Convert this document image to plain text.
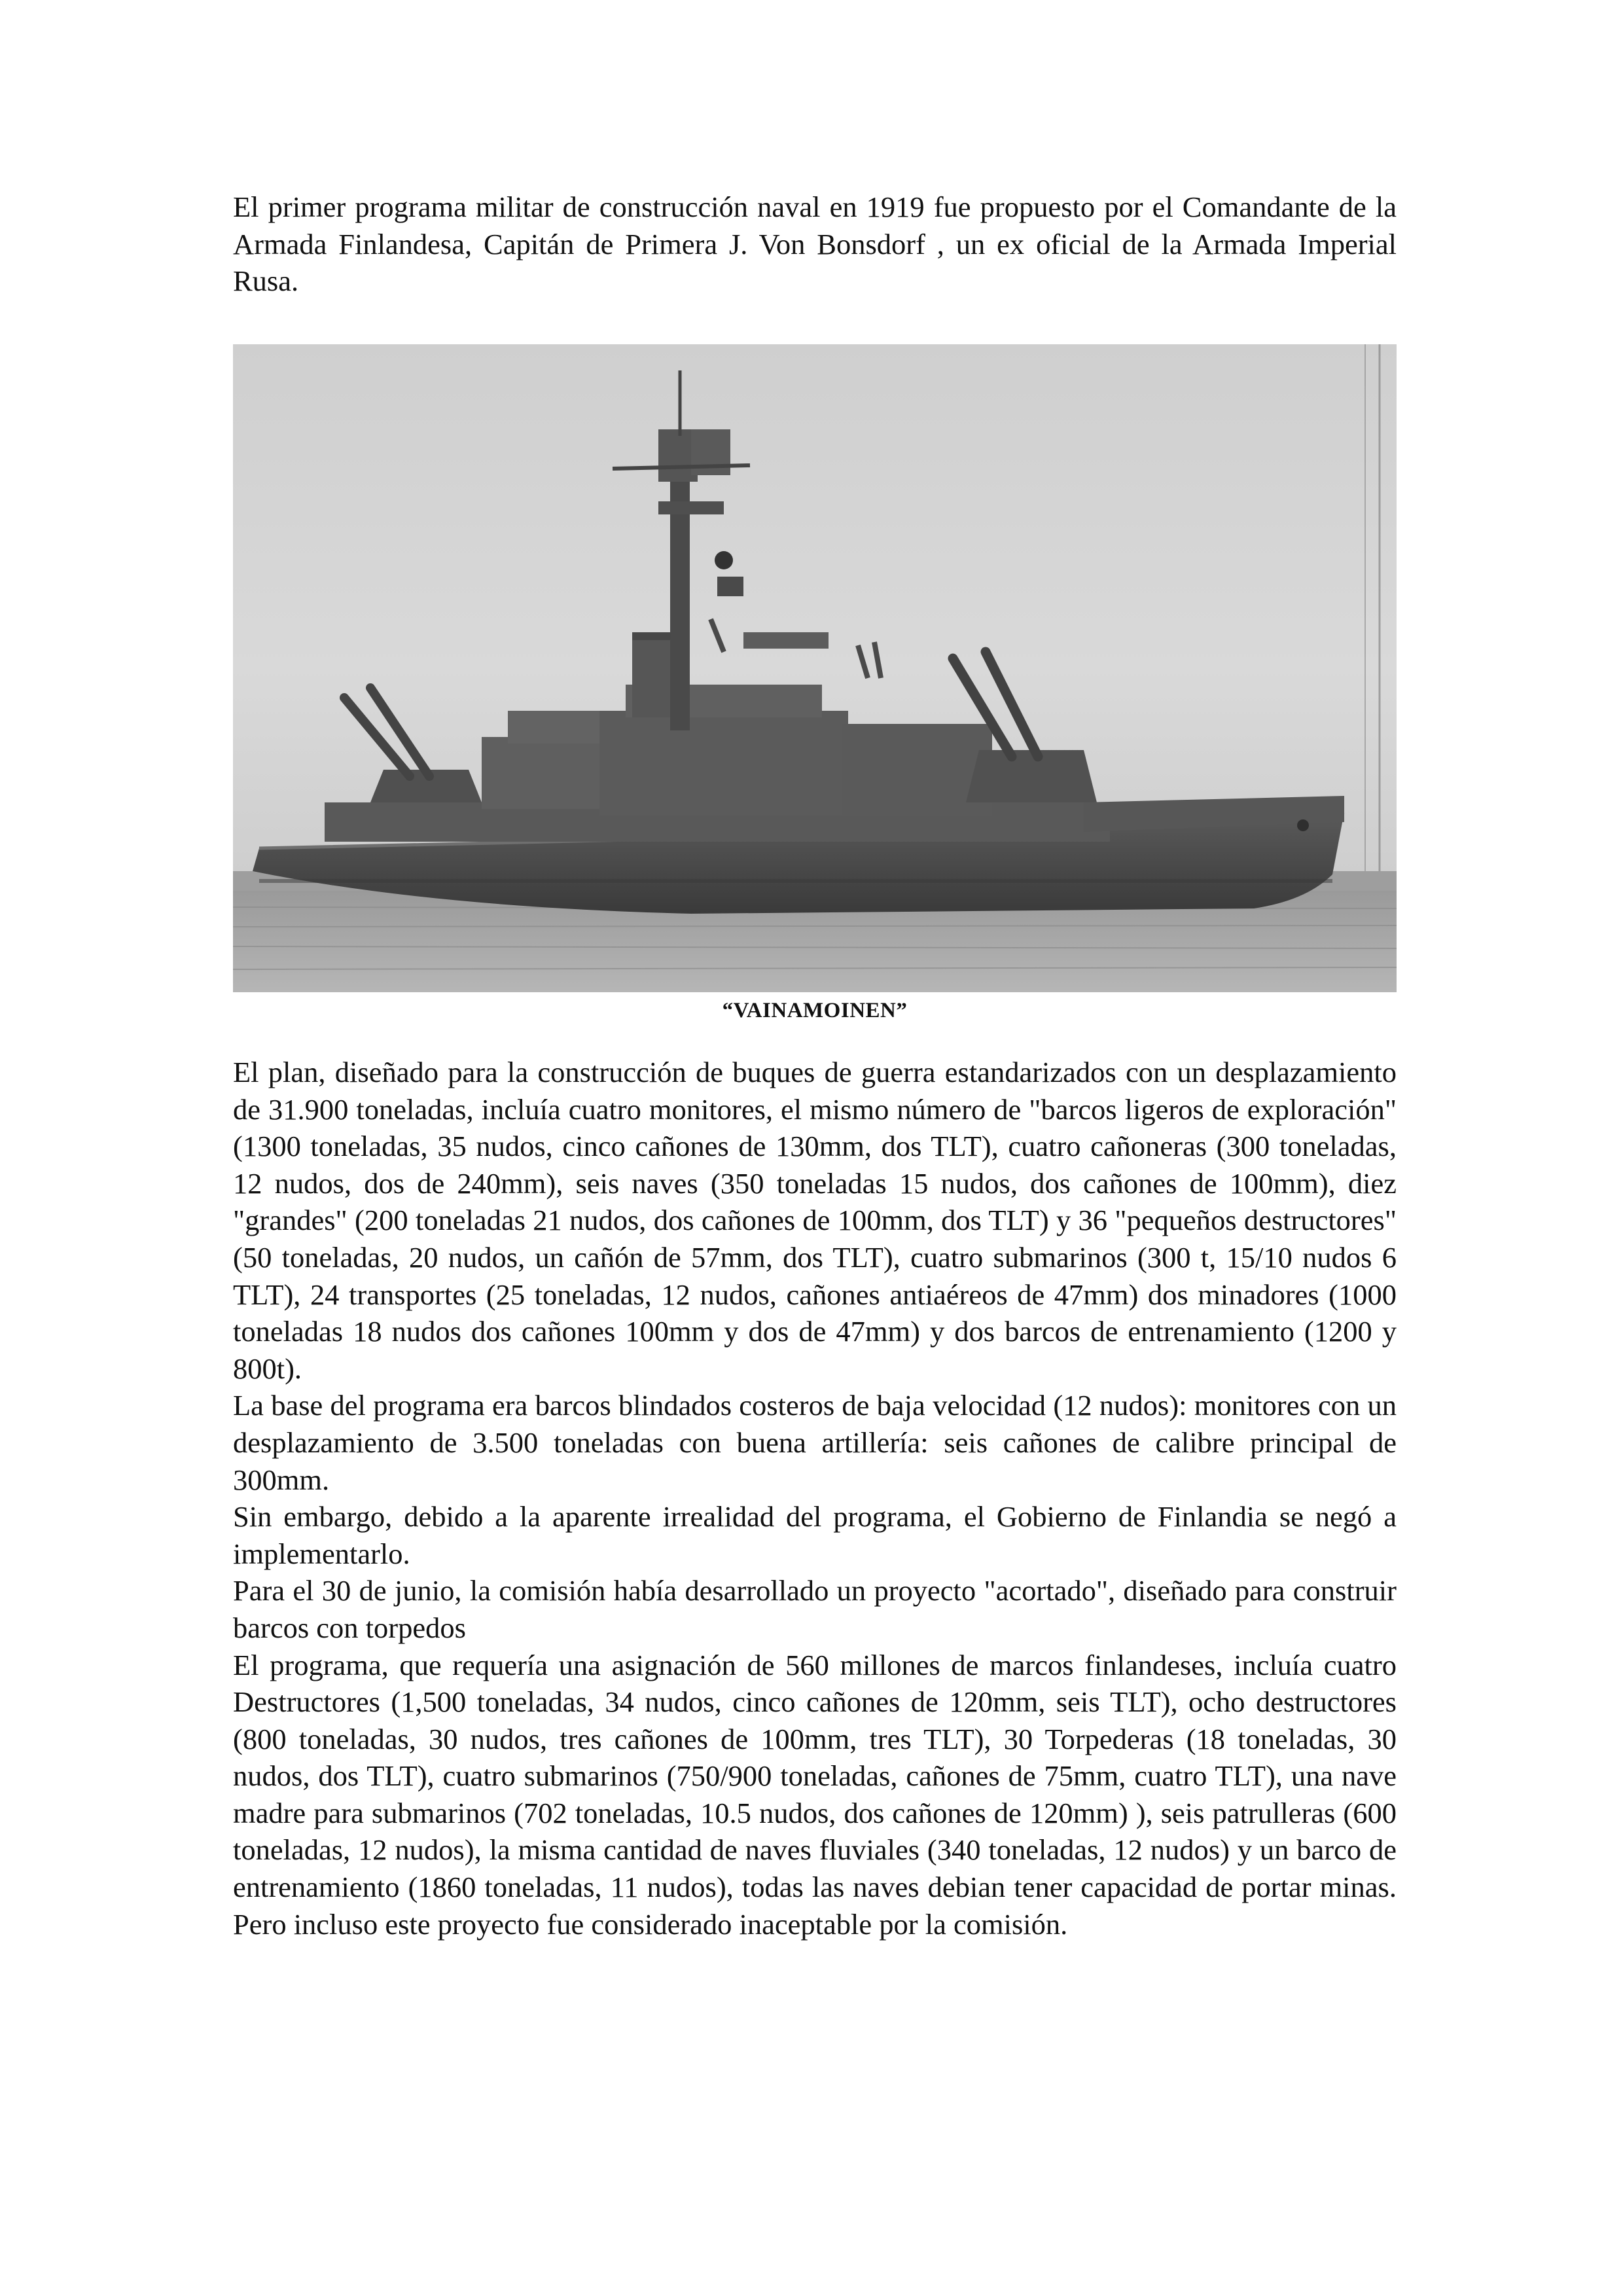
El primer programa militar de construcción naval en 1919 fue propuesto por el Comandante de la Armada Finlandesa, Capitán de Primera J. Von Bonsdorf , un ex oficial de la Armada Imperial Rusa.

“VAINAMOINEN”

El plan, diseñado para la construcción de buques de guerra estandarizados con un desplazamiento de 31.900 toneladas, incluía cuatro monitores, el mismo número de "barcos ligeros de exploración" (1300 toneladas, 35 nudos, cinco cañones de 130mm, dos TLT), cuatro cañoneras (300 toneladas, 12 nudos, dos de 240mm), seis naves (350 toneladas 15 nudos, dos cañones de 100mm), diez "grandes" (200 toneladas 21 nudos, dos cañones de 100mm, dos TLT) y 36 "pequeños destructores" (50 toneladas, 20 nudos, un cañón de 57mm, dos TLT), cuatro submarinos (300 t, 15/10 nudos 6 TLT), 24 transportes (25 toneladas, 12 nudos, cañones antiaéreos de 47mm) dos minadores (1000 toneladas 18 nudos dos cañones 100mm y dos de 47mm) y dos barcos de entrenamiento (1200 y 800t).

La base del programa era barcos blindados costeros de baja velocidad (12 nudos): monitores con un desplazamiento de 3.500 toneladas con buena artillería: seis cañones de calibre principal de 300mm.

Sin embargo, debido a la aparente irrealidad del programa, el Gobierno de Finlandia se negó a implementarlo.

Para el 30 de junio, la comisión había desarrollado un proyecto "acortado", diseñado para construir barcos con torpedos

El programa, que requería una asignación de 560 millones de marcos finlandeses, incluía cuatro Destructores (1,500 toneladas, 34 nudos, cinco cañones de 120mm, seis TLT), ocho destructores (800 toneladas, 30 nudos, tres cañones de 100mm, tres TLT), 30 Torpederas (18 toneladas, 30 nudos, dos TLT), cuatro submarinos (750/900 toneladas, cañones de 75mm, cuatro TLT), una nave madre para submarinos (702 toneladas, 10.5 nudos, dos cañones de 120mm) ), seis patrulleras (600 toneladas, 12 nudos), la misma cantidad de naves fluviales (340 toneladas, 12 nudos) y un barco de entrenamiento (1860 toneladas, 11 nudos), todas las naves debian tener capacidad de portar minas. Pero incluso este proyecto fue considerado inaceptable por la comisión.
